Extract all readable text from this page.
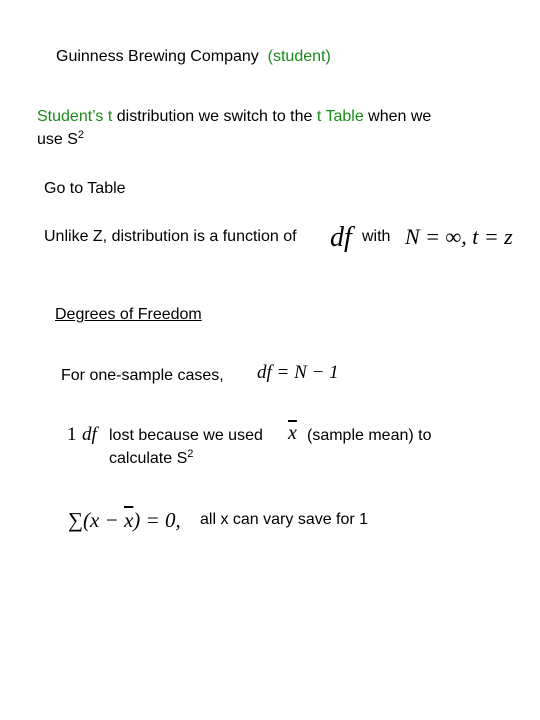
Guinness Brewing Company (student)
Student’s t distribution we switch to the t Table when we
use $S^2$
Go to Table
Unlike Z, distribution is a function of df with N = ∞, t = z
Degrees of Freedom
For one-sample cases, df = N − 1
1 df lost because we used $\overline{x}$ (sample mean) to
calculate $S^2$
$\sum(x - \overline{x}) = 0$, all x can vary save for 1
